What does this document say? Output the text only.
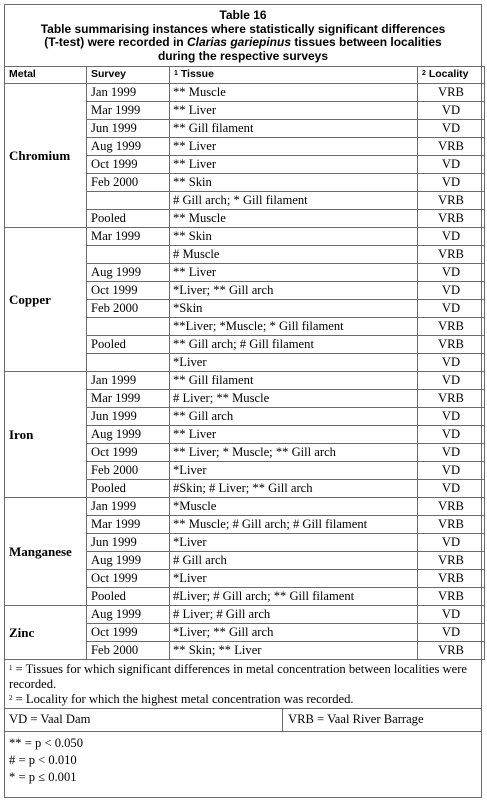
Table 16
Table summarising instances where statistically significant differences
(T-test) were recorded in Clarias gariepinus tissues between localities
during the respective surveys
Metal	Survey	$^1$ Tissue	$^2$ Locality
Chromium	Jan 1999	** Muscle	VRB
	Mar 1999	** Liver	VD
	Jun 1999	** Gill filament	VD
	Aug 1999	** Liver	VRB
	Oct 1999	** Liver	VD
	Feb 2000	** Skin	VD
		# Gill arch; * Gill filament	VRB
	Pooled	** Muscle	VRB
Copper	Mar 1999	** Skin	VD
		# Muscle	VRB
	Aug 1999	** Liver	VD
	Oct 1999	*Liver; ** Gill arch	VD
	Feb 2000	*Skin	VD
		**Liver; *Muscle; * Gill filament	VRB
	Pooled	** Gill arch; # Gill filament	VRB
		*Liver	VD
Iron	Jan 1999	** Gill filament	VD
	Mar 1999	# Liver; ** Muscle	VRB
	Jun 1999	** Gill arch	VD
	Aug 1999	** Liver	VD
	Oct 1999	** Liver; * Muscle; ** Gill arch	VD
	Feb 2000	*Liver	VD
	Pooled	#Skin; # Liver; ** Gill arch	VD
Manganese	Jan 1999	*Muscle	VRB
	Mar 1999	** Muscle; # Gill arch; # Gill filament	VRB
	Jun 1999	*Liver	VD
	Aug 1999	# Gill arch	VRB
	Oct 1999	*Liver	VRB
	Pooled	#Liver; # Gill arch; ** Gill filament	VRB
Zinc	Aug 1999	# Liver; # Gill arch	VD
	Oct 1999	*Liver; ** Gill arch	VD
	Feb 2000	** Skin; ** Liver	VRB
$^1$ = Tissues for which significant differences in metal concentration between localities were recorded.
$^2$ = Locality for which the highest metal concentration was recorded.
VD = Vaal Dam	VRB = Vaal River Barrage
** = p < 0.050
# = p < 0.010
* = p ≤ 0.001
